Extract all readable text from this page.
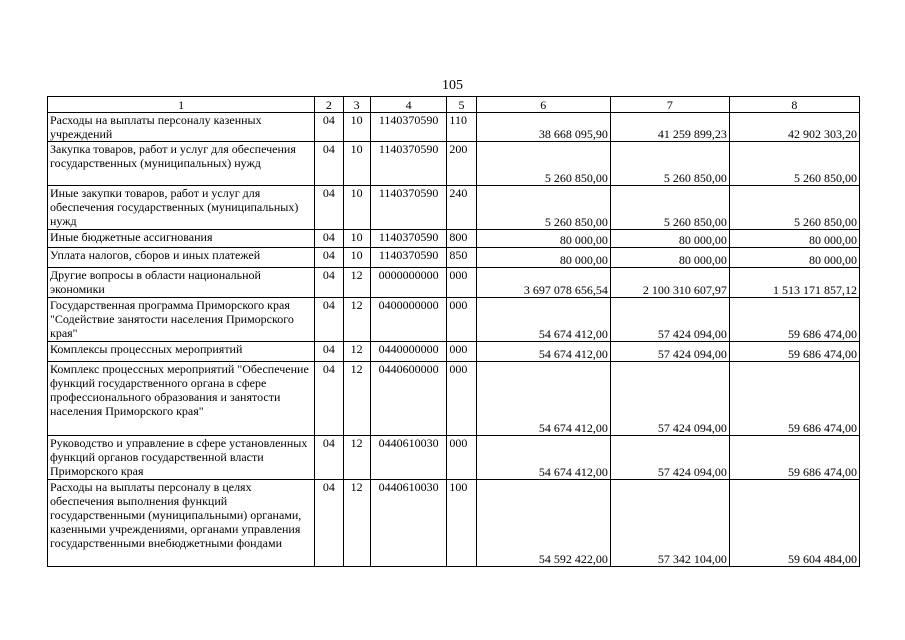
105
1	2	3	4	5	6	7	8
Расходы на выплаты персоналу казенных учреждений	04	10	1140370590	110	38 668 095,90	41 259 899,23	42 902 303,20
Закупка товаров, работ и услуг для обеспечения государственных (муниципальных) нужд	04	10	1140370590	200	5 260 850,00	5 260 850,00	5 260 850,00
Иные закупки товаров, работ и услуг для обеспечения государственных (муниципальных) нужд	04	10	1140370590	240	5 260 850,00	5 260 850,00	5 260 850,00
Иные бюджетные ассигнования	04	10	1140370590	800	80 000,00	80 000,00	80 000,00
Уплата налогов, сборов и иных платежей	04	10	1140370590	850	80 000,00	80 000,00	80 000,00
Другие вопросы в области национальной экономики	04	12	0000000000	000	3 697 078 656,54	2 100 310 607,97	1 513 171 857,12
Государственная программа Приморского края "Содействие занятости населения Приморского края"	04	12	0400000000	000	54 674 412,00	57 424 094,00	59 686 474,00
Комплексы процессных мероприятий	04	12	0440000000	000	54 674 412,00	57 424 094,00	59 686 474,00
Комплекс процессных мероприятий "Обеспечение функций государственного органа в сфере профессионального образования и занятости населения Приморского края"	04	12	0440600000	000	54 674 412,00	57 424 094,00	59 686 474,00
Руководство и управление в сфере установленных функций органов государственной власти Приморского края	04	12	0440610030	000	54 674 412,00	57 424 094,00	59 686 474,00
Расходы на выплаты персоналу в целях обеспечения выполнения функций государственными (муниципальными) органами, казенными учреждениями, органами управления государственными внебюджетными фондами	04	12	0440610030	100	54 592 422,00	57 342 104,00	59 604 484,00
